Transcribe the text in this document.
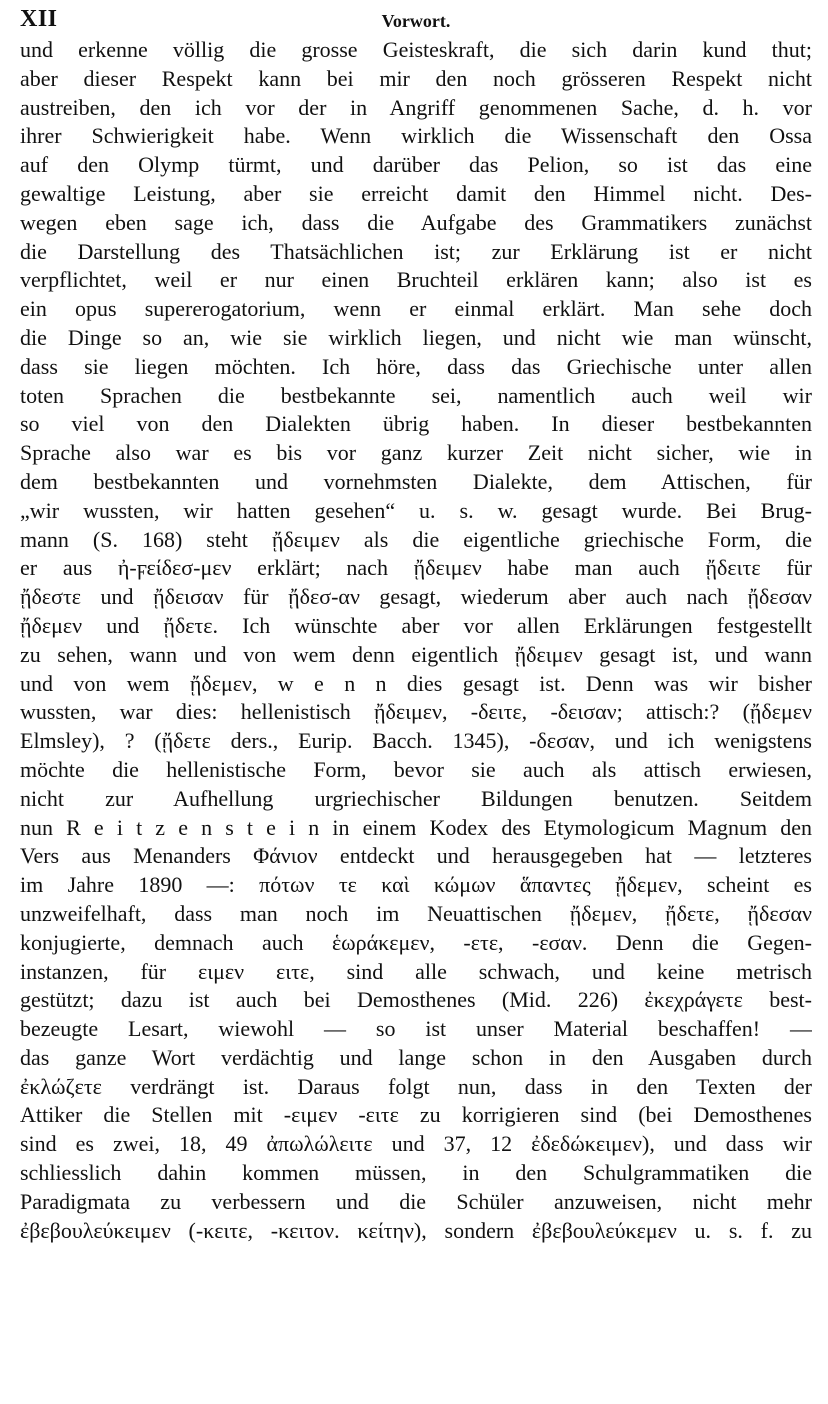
XII	Vorwort.
und erkenne völlig die grosse Geisteskraft, die sich darin kund thut;
aber dieser Respekt kann bei mir den noch grösseren Respekt nicht
austreiben, den ich vor der in Angriff genommenen Sache, d. h. vor
ihrer Schwierigkeit habe. Wenn wirklich die Wissenschaft den Ossa
auf den Olymp türmt, und darüber das Pelion, so ist das eine
gewaltige Leistung, aber sie erreicht damit den Himmel nicht. Des-
wegen eben sage ich, dass die Aufgabe des Grammatikers zunächst
die Darstellung des Thatsächlichen ist; zur Erklärung ist er nicht
verpflichtet, weil er nur einen Bruchteil erklären kann; also ist es
ein opus supererogatorium, wenn er einmal erklärt. Man sehe doch
die Dinge so an, wie sie wirklich liegen, und nicht wie man wünscht,
dass sie liegen möchten. Ich höre, dass das Griechische unter allen
toten Sprachen die bestbekannte sei, namentlich auch weil wir
so viel von den Dialekten übrig haben. In dieser bestbekannten
Sprache also war es bis vor ganz kurzer Zeit nicht sicher, wie in
dem bestbekannten und vornehmsten Dialekte, dem Attischen, für
„wir wussten, wir hatten gesehen“ u. s. w. gesagt wurde. Bei Brug-
mann (S. 168) steht ᾔδειμεν als die eigentliche griechische Form, die
er aus ἠ-ϝείδεσ-μεν erklärt; nach ᾔδειμεν habe man auch ᾔδειτε für
ᾔδεστε und ᾔδεισαν für ᾔδεσ-αν gesagt, wiederum aber auch nach ᾔδεσαν
ᾔδεμεν und ᾔδετε. Ich wünschte aber vor allen Erklärungen festgestellt
zu sehen, wann und von wem denn eigentlich ᾔδειμεν gesagt ist, und wann
und von wem ᾔδεμεν, w e n n dies gesagt ist. Denn was wir bisher
wussten, war dies: hellenistisch ᾔδειμεν, -δειτε, -δεισαν; attisch:? (ᾔδεμεν
Elmsley), ? (ᾔδετε ders., Eurip. Bacch. 1345), -δεσαν, und ich wenigstens
möchte die hellenistische Form, bevor sie auch als attisch erwiesen,
nicht zur Aufhellung urgriechischer Bildungen benutzen. Seitdem
nun R e i t z e n s t e i n in einem Kodex des Etymologicum Magnum den
Vers aus Menanders Φάνιον entdeckt und herausgegeben hat — letzteres
im Jahre 1890 —: πότων τε καὶ κώμων ἅπαντες ᾔδεμεν, scheint es
unzweifelhaft, dass man noch im Neuattischen ᾔδεμεν, ᾔδετε, ᾔδεσαν
konjugierte, demnach auch ἑωράκεμεν, -ετε, -εσαν. Denn die Gegen-
instanzen, für ειμεν ειτε, sind alle schwach, und keine metrisch
gestützt; dazu ist auch bei Demosthenes (Mid. 226) ἐκεχράγετε best-
bezeugte Lesart, wiewohl — so ist unser Material beschaffen! —
das ganze Wort verdächtig und lange schon in den Ausgaben durch
ἐκλώζετε verdrängt ist. Daraus folgt nun, dass in den Texten der
Attiker die Stellen mit -ειμεν -ειτε zu korrigieren sind (bei Demosthenes
sind es zwei, 18, 49 ἀπωλώλειτε und 37, 12 ἐδεδώκειμεν), und dass wir
schliesslich dahin kommen müssen, in den Schulgrammatiken die
Paradigmata zu verbessern und die Schüler anzuweisen, nicht mehr
ἐβεβουλεύκειμεν (-κειτε, -κειτον. κείτην), sondern ἐβεβουλεύκεμεν u. s. f. zu
